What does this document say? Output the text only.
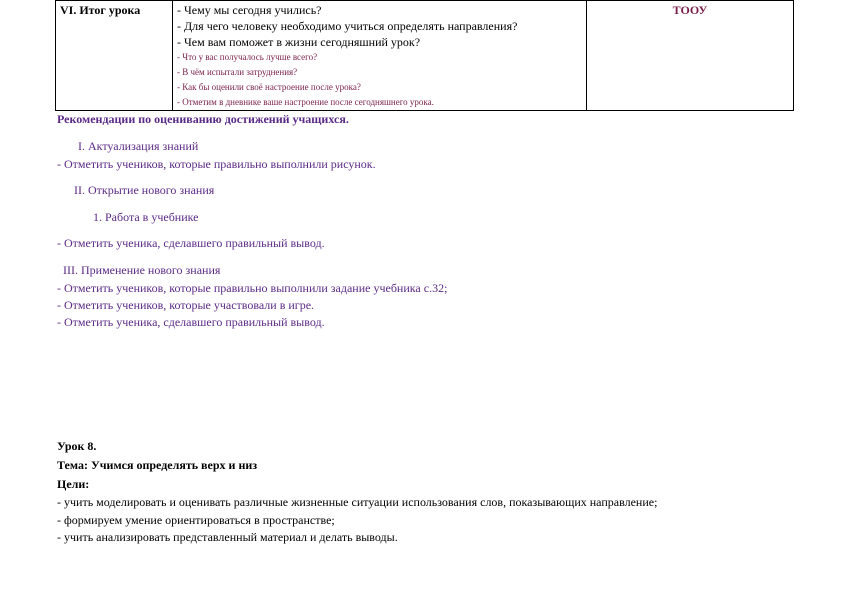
VI. Итог урока	- Чему мы сегодня учились?
- Для чего человеку необходимо учиться определять направления?
- Чем вам поможет в жизни сегодняшний урок?
- Что у вас получалось лучше всего?
- В чём испытали затруднения?
- Как бы оценили своё настроение после урока?
- Отметим в дневнике ваше настроение после сегодняшнего урока.
	ТООУ
Рекомендации по оцениванию достижений учащихся.
I. Актуализация знаний
- Отметить учеников, которые правильно выполнили рисунок.
II. Открытие нового знания
1. Работа в учебнике
- Отметить ученика, сделавшего правильный вывод.
III. Применение нового знания
- Отметить учеников, которые правильно выполнили задание учебника с.32;
- Отметить учеников, которые участвовали в игре.
- Отметить ученика, сделавшего правильный вывод.
Урок 8.
Тема: Учимся определять верх и низ
Цели:
- учить моделировать и оценивать различные жизненные ситуации использования слов, показывающих направление;
- формируем умение ориентироваться в пространстве;
- учить анализировать представленный материал и делать выводы.
